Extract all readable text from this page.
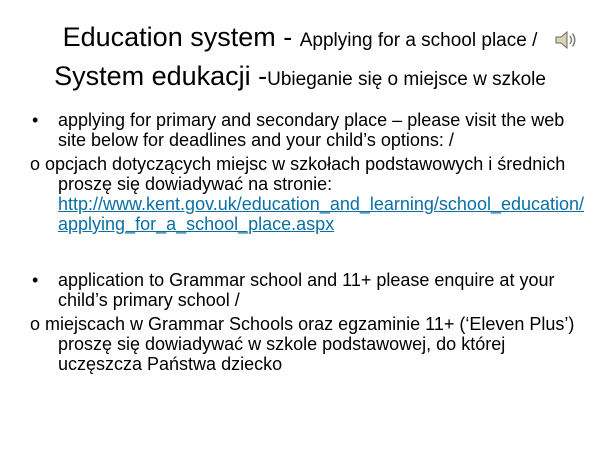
Education system - Applying for a school place /
System edukacji -Ubieganie się o miejsce w szkole

• applying for primary and secondary place – please visit the web site below for deadlines and your child’s options: /

o opcjach dotyczących miejsc w szkołach podstawowych i średnich proszę się dowiadywać na stronie:
http://www.kent.gov.uk/education_and_learning/school_education/applying_for_a_school_place.aspx

• application to Grammar school and 11+ please enquire at your child’s primary school /

o miejscach w Grammar Schools oraz egzaminie 11+ (‘Eleven Plus’) proszę się dowiadywać w szkole podstawowej, do której uczęszcza Państwa dziecko
